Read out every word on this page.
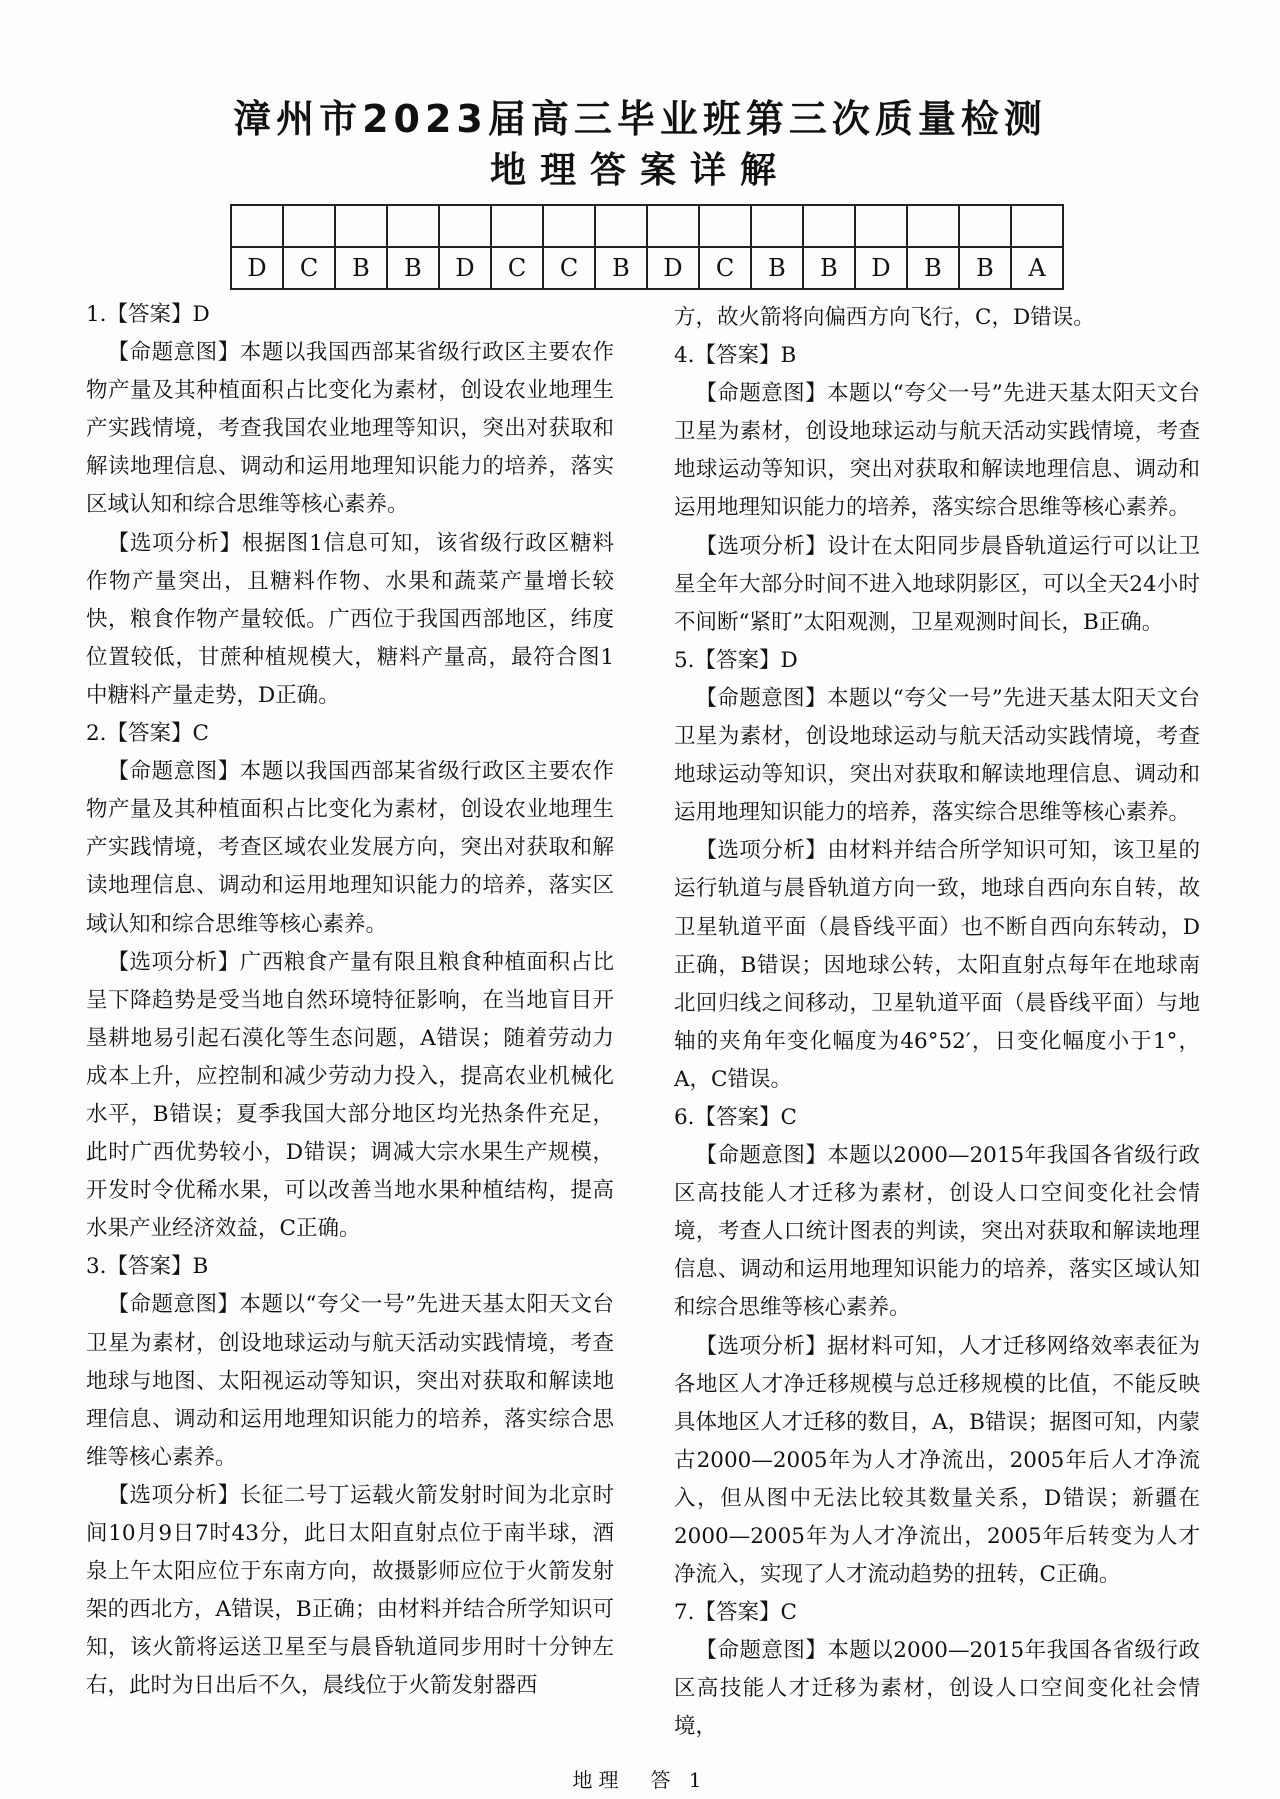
漳州市2023届高三毕业班第三次质量检测
地理答案详解

D	C	B	B	D	C	C	B	D	C	B	B	D	B	B	A

1.【答案】D

【命题意图】本题以我国西部某省级行政区主要农作物产量及其种植面积占比变化为素材，创设农业地理生产实践情境，考查我国农业地理等知识，突出对获取和解读地理信息、调动和运用地理知识能力的培养，落实区域认知和综合思维等核心素养。

【选项分析】根据图1信息可知，该省级行政区糖料作物产量突出，且糖料作物、水果和蔬菜产量增长较快，粮食作物产量较低。广西位于我国西部地区，纬度位置较低，甘蔗种植规模大，糖料产量高，最符合图1中糖料产量走势，D正确。

2.【答案】C

【命题意图】本题以我国西部某省级行政区主要农作物产量及其种植面积占比变化为素材，创设农业地理生产实践情境，考查区域农业发展方向，突出对获取和解读地理信息、调动和运用地理知识能力的培养，落实区域认知和综合思维等核心素养。

【选项分析】广西粮食产量有限且粮食种植面积占比呈下降趋势是受当地自然环境特征影响，在当地盲目开垦耕地易引起石漠化等生态问题，A错误；随着劳动力成本上升，应控制和减少劳动力投入，提高农业机械化水平，B错误；夏季我国大部分地区均光热条件充足，此时广西优势较小，D错误；调减大宗水果生产规模，开发时令优稀水果，可以改善当地水果种植结构，提高水果产业经济效益，C正确。

3.【答案】B

【命题意图】本题以“夸父一号”先进天基太阳天文台卫星为素材，创设地球运动与航天活动实践情境，考查地球与地图、太阳视运动等知识，突出对获取和解读地理信息、调动和运用地理知识能力的培养，落实综合思维等核心素养。

【选项分析】长征二号丁运载火箭发射时间为北京时间10月9日7时43分，此日太阳直射点位于南半球，酒泉上午太阳应位于东南方向，故摄影师应位于火箭发射架的西北方，A错误，B正确；由材料并结合所学知识可知，该火箭将运送卫星至与晨昏轨道同步用时十分钟左右，此时为日出后不久，晨线位于火箭发射器西

方，故火箭将向偏西方向飞行，C，D错误。

4.【答案】B

【命题意图】本题以“夸父一号”先进天基太阳天文台卫星为素材，创设地球运动与航天活动实践情境，考查地球运动等知识，突出对获取和解读地理信息、调动和运用地理知识能力的培养，落实综合思维等核心素养。

【选项分析】设计在太阳同步晨昏轨道运行可以让卫星全年大部分时间不进入地球阴影区，可以全天24小时不间断“紧盯”太阳观测，卫星观测时间长，B正确。

5.【答案】D

【命题意图】本题以“夸父一号”先进天基太阳天文台卫星为素材，创设地球运动与航天活动实践情境，考查地球运动等知识，突出对获取和解读地理信息、调动和运用地理知识能力的培养，落实综合思维等核心素养。

【选项分析】由材料并结合所学知识可知，该卫星的运行轨道与晨昏轨道方向一致，地球自西向东自转，故卫星轨道平面（晨昏线平面）也不断自西向东转动，D正确，B错误；因地球公转，太阳直射点每年在地球南北回归线之间移动，卫星轨道平面（晨昏线平面）与地轴的夹角年变化幅度为46°52′，日变化幅度小于1°，A，C错误。

6.【答案】C

【命题意图】本题以2000—2015年我国各省级行政区高技能人才迁移为素材，创设人口空间变化社会情境，考查人口统计图表的判读，突出对获取和解读地理信息、调动和运用地理知识能力的培养，落实区域认知和综合思维等核心素养。

【选项分析】据材料可知，人才迁移网络效率表征为各地区人才净迁移规模与总迁移规模的比值，不能反映具体地区人才迁移的数目，A，B错误；据图可知，内蒙古2000—2005年为人才净流出，2005年后人才净流入，但从图中无法比较其数量关系，D错误；新疆在2000—2005年为人才净流出，2005年后转变为人才净流入，实现了人才流动趋势的扭转，C正确。

7.【答案】C

【命题意图】本题以2000—2015年我国各省级行政区高技能人才迁移为素材，创设人口空间变化社会情境，

地理　答 1
